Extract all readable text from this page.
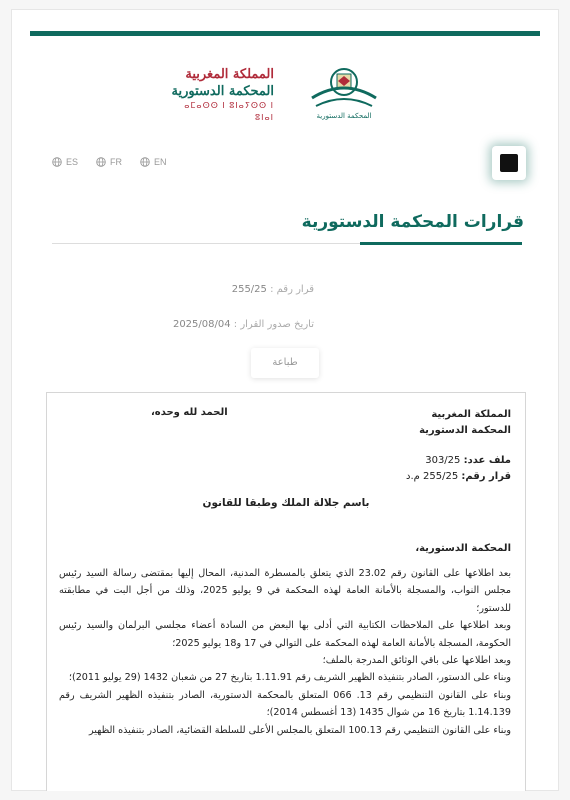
المحكمة الدستورية
المملكة المغربية
المحكمة الدستورية
ⴰⵎⴰⵙⵙ ⵏ ⵓⵏⴰⵢⵙⵙ ⵏ ⵓⵏⴰⵏ
ES	FR	EN
قرارات المحكمة الدستورية
قرار رقم : 255/25
تاريخ صدور القرار : 2025/08/04
طباعة
المملكة المغربية
المحكمة الدستورية
الحمد لله وحده،
ملف عدد: 303/25
قرار رقم: 255/25 م.د
باسم جلالة الملك وطبقا للقانون
المحكمة الدستورية،

بعد اطلاعها على القانون رقم 23.02 الذي يتعلق بالمسطرة المدنية، المحال إليها بمقتضى رسالة السيد رئيس مجلس النواب، والمسجلة بالأمانة العامة لهذه المحكمة في 9 يوليو 2025، وذلك من أجل البت في مطابقته للدستور؛

وبعد اطلاعها على الملاحظات الكتابية التي أدلى بها البعض من السادة أعضاء مجلسي البرلمان والسيد رئيس الحكومة، المسجلة بالأمانة العامة لهذه المحكمة على التوالي في 17 و18 يوليو 2025؛

وبعد اطلاعها على باقي الوثائق المدرجة بالملف؛

وبناء على الدستور، الصادر بتنفيذه الظهير الشريف رقم 1.11.91 بتاريخ 27 من شعبان 1432 (29 يوليو 2011)؛

وبناء على القانون التنظيمي رقم 13. 066 المتعلق بالمحكمة الدستورية، الصادر بتنفيذه الظهير الشريف رقم 1.14.139 بتاريخ 16 من شوال 1435 (13 أغسطس 2014)؛

وبناء على القانون التنظيمي رقم 100.13 المتعلق بالمجلس الأعلى للسلطة القضائية، الصادر بتنفيذه الظهير
